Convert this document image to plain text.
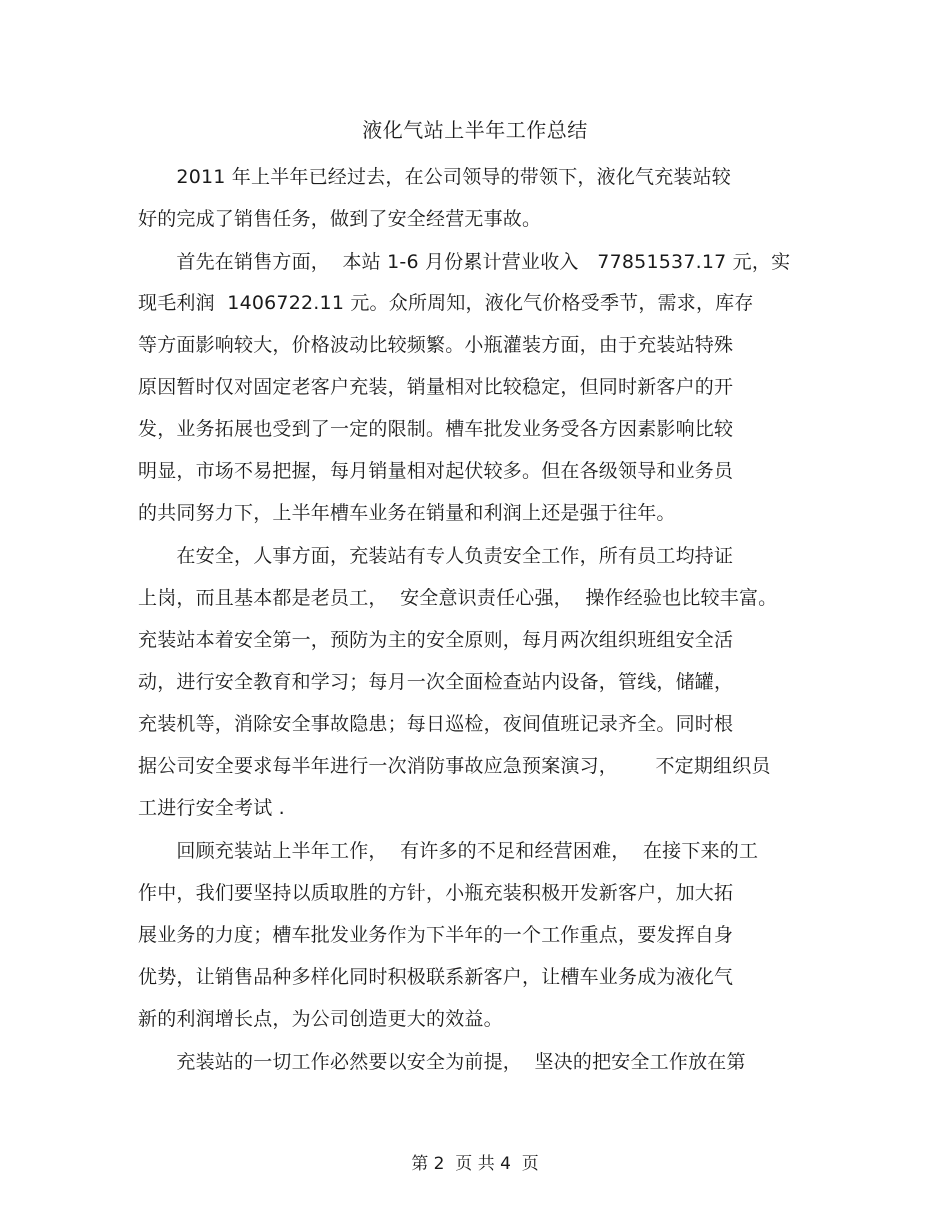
液化气站上半年工作总结
　　2011 年上半年已经过去，在公司领导的带领下，液化气充装站较
好的完成了销售任务，做到了安全经营无事故。
　　首先在销售方面，  本站 1-6 月份累计营业收入   77851537.17 元，实
现毛利润  1406722.11 元。众所周知，液化气价格受季节，需求，库存
等方面影响较大，价格波动比较频繁。小瓶灌装方面，由于充装站特殊
原因暂时仅对固定老客户充装，销量相对比较稳定，但同时新客户的开
发，业务拓展也受到了一定的限制。槽车批发业务受各方因素影响比较
明显，市场不易把握，每月销量相对起伏较多。但在各级领导和业务员
的共同努力下，上半年槽车业务在销量和利润上还是强于往年。
　　在安全，人事方面，充装站有专人负责安全工作，所有员工均持证
上岗，而且基本都是老员工，  安全意识责任心强，  操作经验也比较丰富。
充装站本着安全第一，预防为主的安全原则，每月两次组织班组安全活
动，进行安全教育和学习；每月一次全面检查站内设备，管线，储罐，
充装机等，消除安全事故隐患；每日巡检，夜间值班记录齐全。同时根
据公司安全要求每半年进行一次消防事故应急预案演习，      不定期组织员
工进行安全考试 .
　　回顾充装站上半年工作，  有许多的不足和经营困难，  在接下来的工
作中，我们要坚持以质取胜的方针，小瓶充装积极开发新客户，加大拓
展业务的力度；槽车批发业务作为下半年的一个工作重点，要发挥自身
优势，让销售品种多样化同时积极联系新客户，让槽车业务成为液化气
新的利润增长点，为公司创造更大的效益。
　　充装站的一切工作必然要以安全为前提，  坚决的把安全工作放在第
第 2  页 共 4  页
